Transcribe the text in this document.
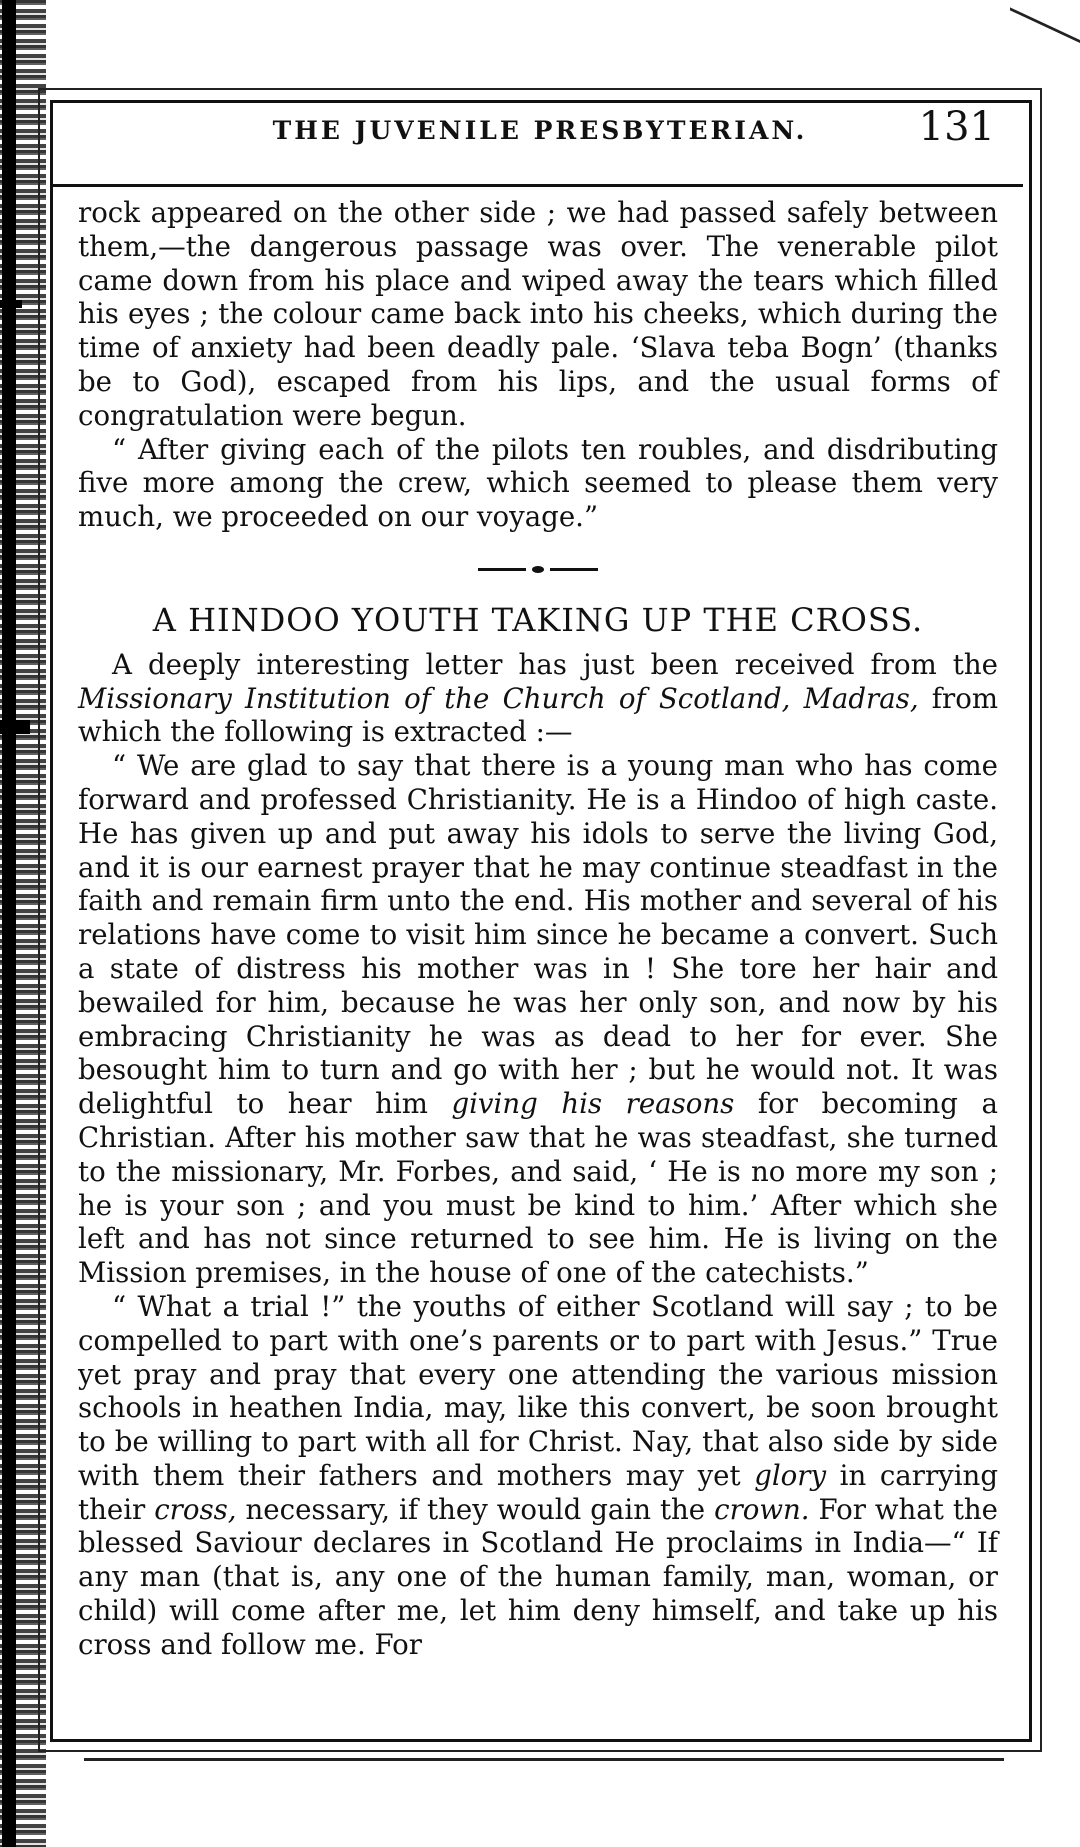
THE JUVENILE PRESBYTERIAN.	131

rock appeared on the other side ; we had passed safely between them,—the dangerous passage was over. The venerable pilot came down from his place and wiped away the tears which filled his eyes ; the colour came back into his cheeks, which during the time of anxiety had been deadly pale. ‘Slava teba Bogn’ (thanks be to God), escaped from his lips, and the usual forms of congratulation were begun.

“ After giving each of the pilots ten roubles, and disdributing five more among the crew, which seemed to please them very much, we proceeded on our voyage.”

A HINDOO YOUTH TAKING UP THE CROSS.

A deeply interesting letter has just been received from the Missionary Institution of the Church of Scotland, Madras, from which the following is extracted :—

“ We are glad to say that there is a young man who has come forward and professed Christianity. He is a Hindoo of high caste. He has given up and put away his idols to serve the living God, and it is our earnest prayer that he may continue steadfast in the faith and remain firm unto the end. His mother and several of his relations have come to visit him since he became a convert. Such a state of distress his mother was in ! She tore her hair and bewailed for him, because he was her only son, and now by his embracing Christianity he was as dead to her for ever. She besought him to turn and go with her ; but he would not. It was delightful to hear him giving his reasons for becoming a Christian. After his mother saw that he was steadfast, she turned to the missionary, Mr. Forbes, and said, ‘ He is no more my son ; he is your son ; and you must be kind to him.’ After which she left and has not since returned to see him. He is living on the Mission premises, in the house of one of the catechists.”

“ What a trial !” the youths of either Scotland will say ; to be compelled to part with one’s parents or to part with Jesus.” True yet pray and pray that every one attending the various mission schools in heathen India, may, like this convert, be soon brought to be willing to part with all for Christ. Nay, that also side by side with them their fathers and mothers may yet glory in carrying their cross, necessary, if they would gain the crown. For what the blessed Saviour declares in Scotland He proclaims in India—“ If any man (that is, any one of the human family, man, woman, or child) will come after me, let him deny himself, and take up his cross and follow me. For
